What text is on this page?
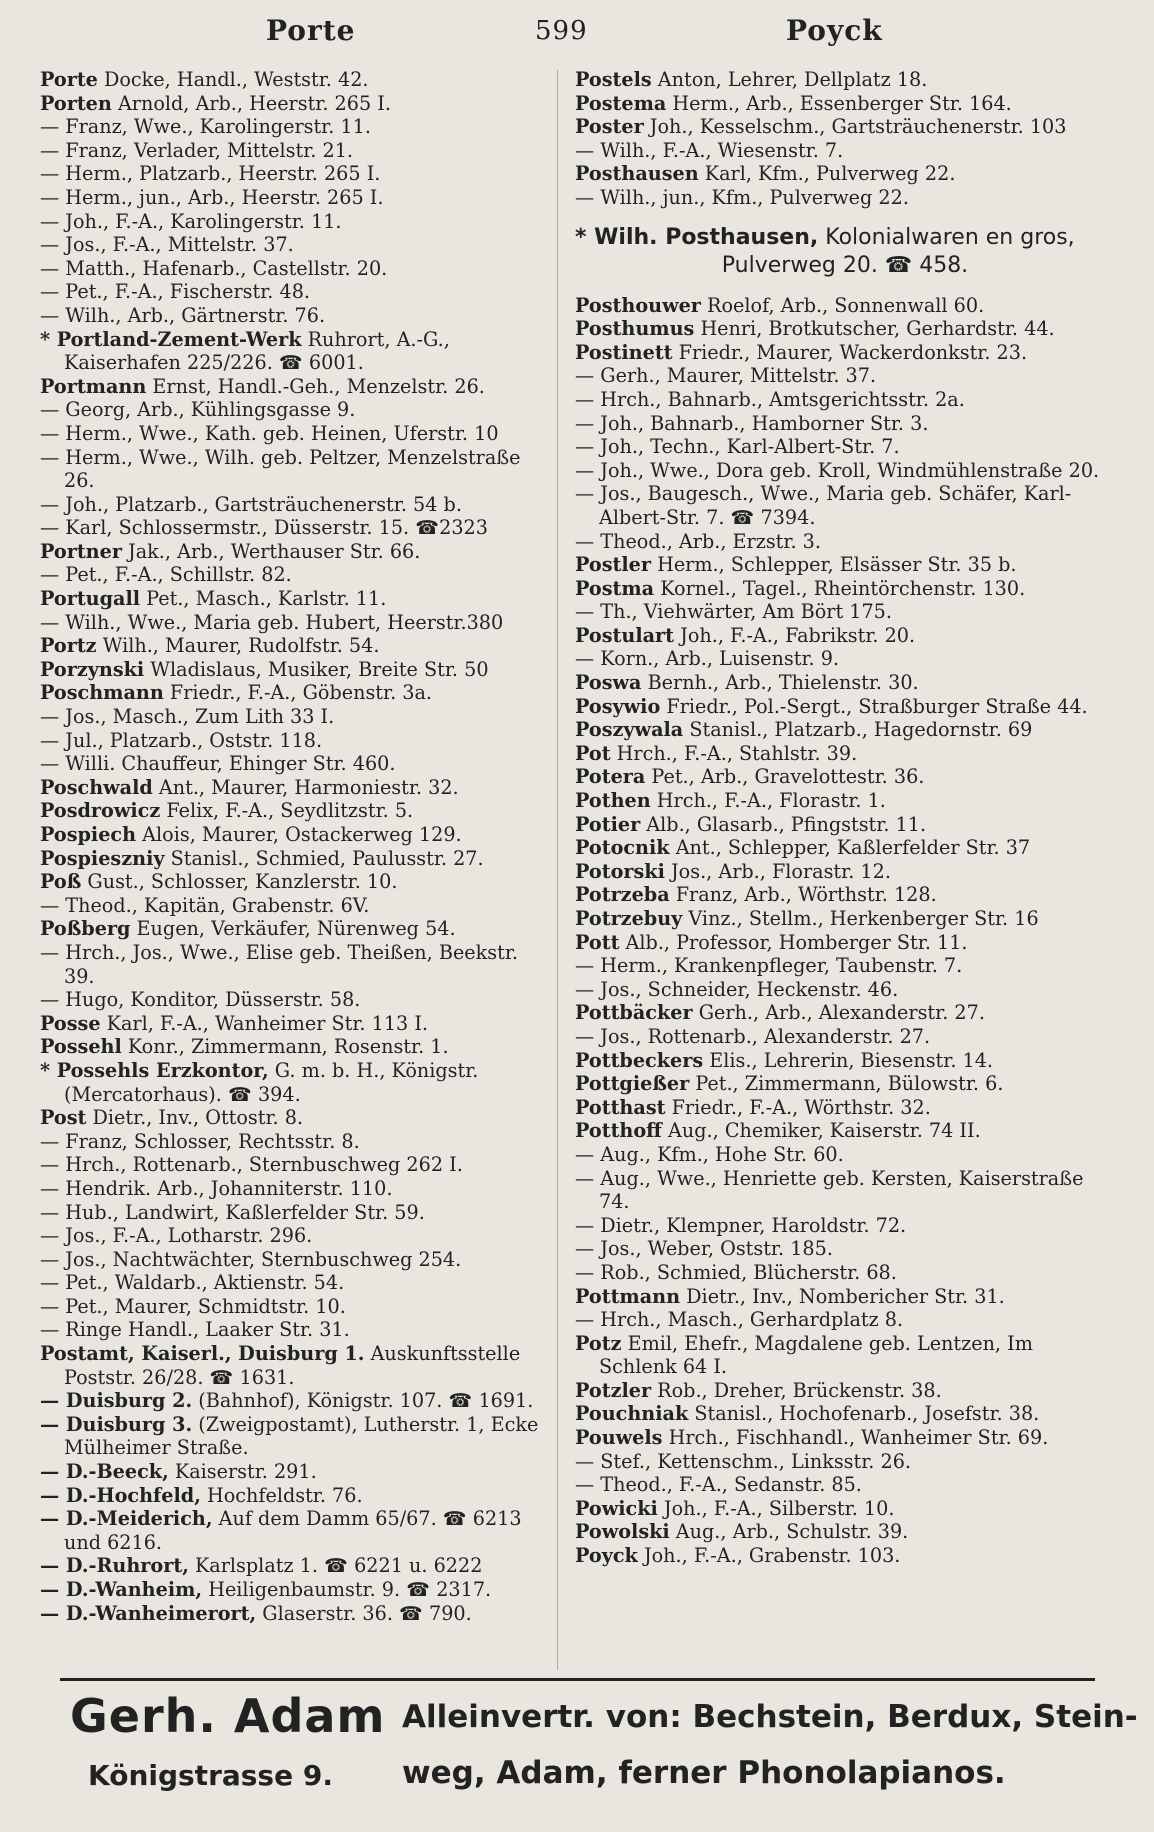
Porte	599	Poyck
Porte Docke, Handl., Weststr. 42.
Porten Arnold, Arb., Heerstr. 265 I.
— Franz, Wwe., Karolingerstr. 11.
— Franz, Verlader, Mittelstr. 21.
— Herm., Platzarb., Heerstr. 265 I.
— Herm., jun., Arb., Heerstr. 265 I.
— Joh., F.-A., Karolingerstr. 11.
— Jos., F.-A., Mittelstr. 37.
— Matth., Hafenarb., Castellstr. 20.
— Pet., F.-A., Fischerstr. 48.
— Wilh., Arb., Gärtnerstr. 76.
* Portland-Zement-Werk Ruhrort, A.-G., Kaiserhafen 225/226. ☎ 6001.
Portmann Ernst, Handl.-Geh., Menzelstr. 26.
— Georg, Arb., Kühlingsgasse 9.
— Herm., Wwe., Kath. geb. Heinen, Uferstr. 10
— Herm., Wwe., Wilh. geb. Peltzer, Menzelstraße 26.
— Joh., Platzarb., Gartsträuchenerstr. 54 b.
— Karl, Schlossermstr., Düsserstr. 15. ☎2323
Portner Jak., Arb., Werthauser Str. 66.
— Pet., F.-A., Schillstr. 82.
Portugall Pet., Masch., Karlstr. 11.
— Wilh., Wwe., Maria geb. Hubert, Heerstr.380
Portz Wilh., Maurer, Rudolfstr. 54.
Porzynski Wladislaus, Musiker, Breite Str. 50
Poschmann Friedr., F.-A., Göbenstr. 3a.
— Jos., Masch., Zum Lith 33 I.
— Jul., Platzarb., Oststr. 118.
— Willi. Chauffeur, Ehinger Str. 460.
Poschwald Ant., Maurer, Harmoniestr. 32.
Posdrowicz Felix, F.-A., Seydlitzstr. 5.
Pospiech Alois, Maurer, Ostackerweg 129.
Pospieszniy Stanisl., Schmied, Paulusstr. 27.
Poß Gust., Schlosser, Kanzlerstr. 10.
— Theod., Kapitän, Grabenstr. 6V.
Poßberg Eugen, Verkäufer, Nürenweg 54.
— Hrch., Jos., Wwe., Elise geb. Theißen, Beekstr. 39.
— Hugo, Konditor, Düsserstr. 58.
Posse Karl, F.-A., Wanheimer Str. 113 I.
Possehl Konr., Zimmermann, Rosenstr. 1.
* Possehls Erzkontor, G. m. b. H., Königstr. (Mercatorhaus). ☎ 394.
Post Dietr., Inv., Ottostr. 8.
— Franz, Schlosser, Rechtsstr. 8.
— Hrch., Rottenarb., Sternbuschweg 262 I.
— Hendrik. Arb., Johanniterstr. 110.
— Hub., Landwirt, Kaßlerfelder Str. 59.
— Jos., F.-A., Lotharstr. 296.
— Jos., Nachtwächter, Sternbuschweg 254.
— Pet., Waldarb., Aktienstr. 54.
— Pet., Maurer, Schmidtstr. 10.
— Ringe Handl., Laaker Str. 31.
Postamt, Kaiserl., Duisburg 1. Auskunftsstelle Poststr. 26/28. ☎ 1631.
— Duisburg 2. (Bahnhof), Königstr. 107. ☎ 1691.
— Duisburg 3. (Zweigpostamt), Lutherstr. 1, Ecke Mülheimer Straße.
— D.-Beeck, Kaiserstr. 291.
— D.-Hochfeld, Hochfeldstr. 76.
— D.-Meiderich, Auf dem Damm 65/67. ☎ 6213 und 6216.
— D.-Ruhrort, Karlsplatz 1. ☎ 6221 u. 6222
— D.-Wanheim, Heiligenbaumstr. 9. ☎ 2317.
— D.-Wanheimerort, Glaserstr. 36. ☎ 790.
Postels Anton, Lehrer, Dellplatz 18.
Postema Herm., Arb., Essenberger Str. 164.
Poster Joh., Kesselschm., Gartsträuchenerstr. 103
— Wilh., F.-A., Wiesenstr. 7.
Posthausen Karl, Kfm., Pulverweg 22.
— Wilh., jun., Kfm., Pulverweg 22.
* Wilh. Posthausen, Kolonialwaren en gros,
Pulverweg 20. ☎ 458.
Posthouwer Roelof, Arb., Sonnenwall 60.
Posthumus Henri, Brotkutscher, Gerhardstr. 44.
Postinett Friedr., Maurer, Wackerdonkstr. 23.
— Gerh., Maurer, Mittelstr. 37.
— Hrch., Bahnarb., Amtsgerichtsstr. 2a.
— Joh., Bahnarb., Hamborner Str. 3.
— Joh., Techn., Karl-Albert-Str. 7.
— Joh., Wwe., Dora geb. Kroll, Windmühlenstraße 20.
— Jos., Baugesch., Wwe., Maria geb. Schäfer, Karl-Albert-Str. 7. ☎ 7394.
— Theod., Arb., Erzstr. 3.
Postler Herm., Schlepper, Elsässer Str. 35 b.
Postma Kornel., Tagel., Rheintörchenstr. 130.
— Th., Viehwärter, Am Bört 175.
Postulart Joh., F.-A., Fabrikstr. 20.
— Korn., Arb., Luisenstr. 9.
Poswa Bernh., Arb., Thielenstr. 30.
Posywio Friedr., Pol.-Sergt., Straßburger Straße 44.
Poszywala Stanisl., Platzarb., Hagedornstr. 69
Pot Hrch., F.-A., Stahlstr. 39.
Potera Pet., Arb., Gravelottestr. 36.
Pothen Hrch., F.-A., Florastr. 1.
Potier Alb., Glasarb., Pfingststr. 11.
Potocnik Ant., Schlepper, Kaßlerfelder Str. 37
Potorski Jos., Arb., Florastr. 12.
Potrzeba Franz, Arb., Wörthstr. 128.
Potrzebuy Vinz., Stellm., Herkenberger Str. 16
Pott Alb., Professor, Homberger Str. 11.
— Herm., Krankenpfleger, Taubenstr. 7.
— Jos., Schneider, Heckenstr. 46.
Pottbäcker Gerh., Arb., Alexanderstr. 27.
— Jos., Rottenarb., Alexanderstr. 27.
Pottbeckers Elis., Lehrerin, Biesenstr. 14.
Pottgießer Pet., Zimmermann, Bülowstr. 6.
Potthast Friedr., F.-A., Wörthstr. 32.
Potthoff Aug., Chemiker, Kaiserstr. 74 II.
— Aug., Kfm., Hohe Str. 60.
— Aug., Wwe., Henriette geb. Kersten, Kaiserstraße 74.
— Dietr., Klempner, Haroldstr. 72.
— Jos., Weber, Oststr. 185.
— Rob., Schmied, Blücherstr. 68.
Pottmann Dietr., Inv., Nombericher Str. 31.
— Hrch., Masch., Gerhardplatz 8.
Potz Emil, Ehefr., Magdalene geb. Lentzen, Im Schlenk 64 I.
Potzler Rob., Dreher, Brückenstr. 38.
Pouchniak Stanisl., Hochofenarb., Josefstr. 38.
Pouwels Hrch., Fischhandl., Wanheimer Str. 69.
— Stef., Kettenschm., Linksstr. 26.
— Theod., F.-A., Sedanstr. 85.
Powicki Joh., F.-A., Silberstr. 10.
Powolski Aug., Arb., Schulstr. 39.
Poyck Joh., F.-A., Grabenstr. 103.
Gerh. Adam
Königstrasse 9.
Alleinvertr. von: Bechstein, Berdux, Stein-
weg, Adam, ferner Phonolapianos.
